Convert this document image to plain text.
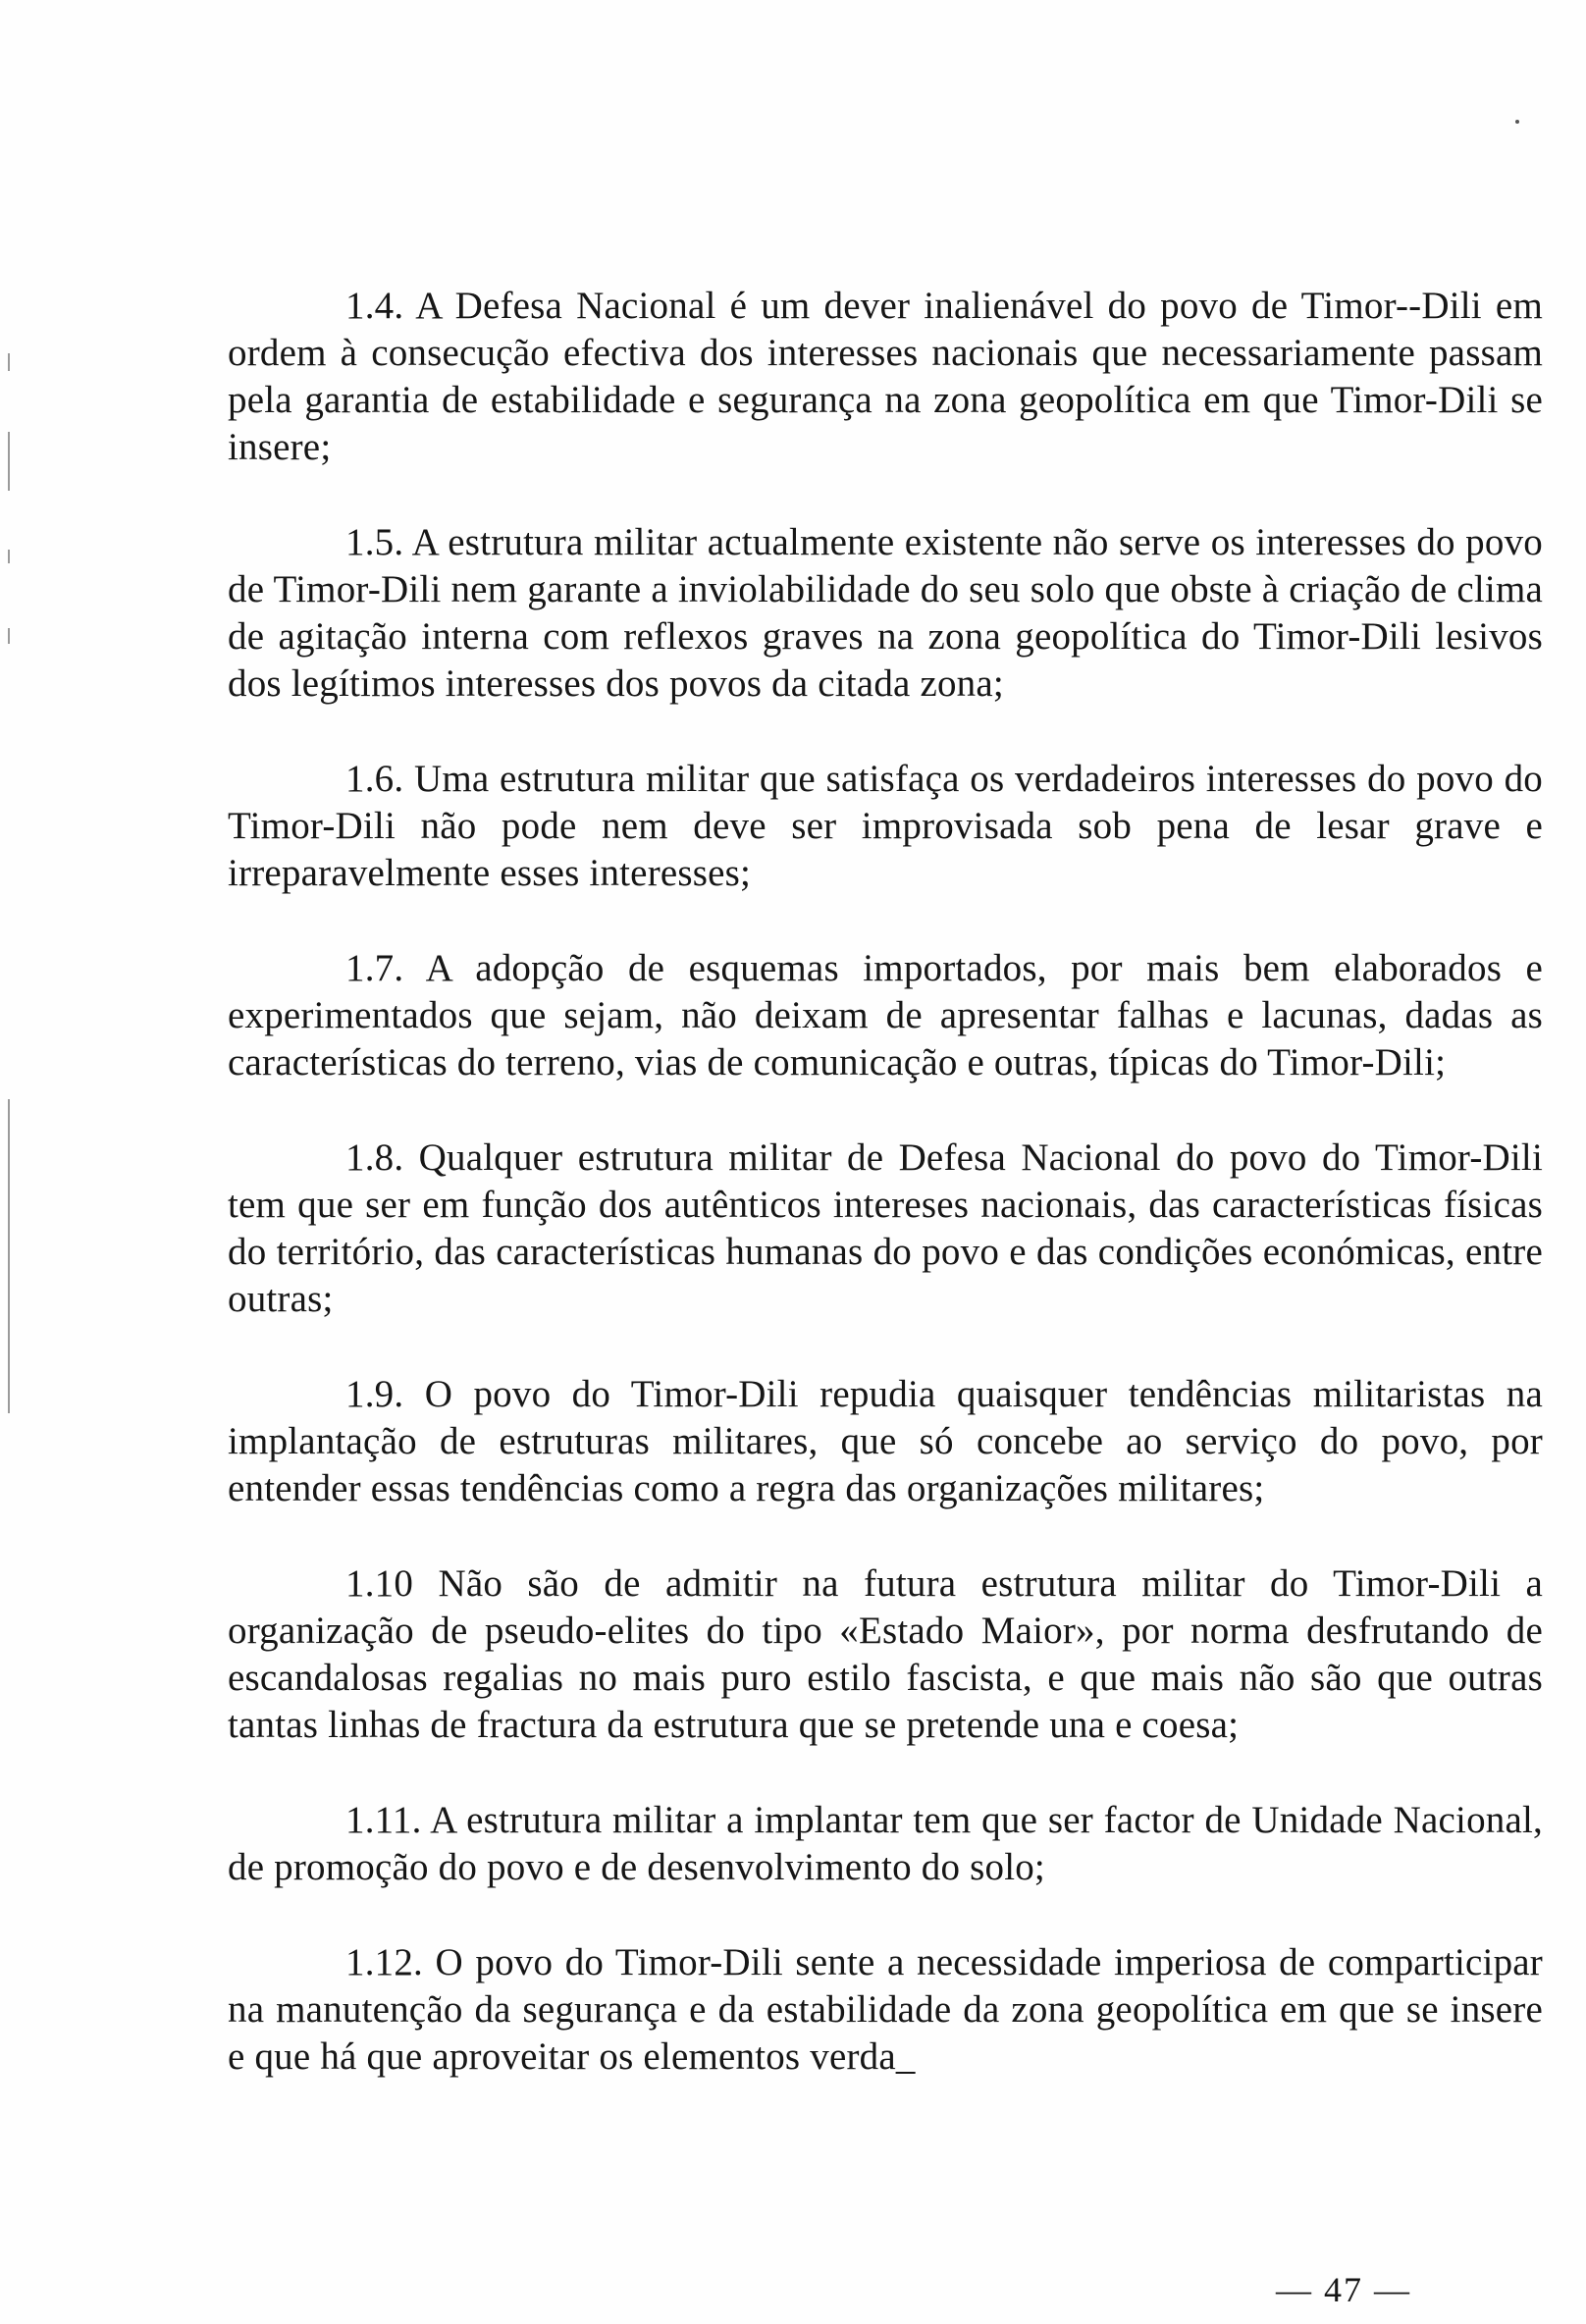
1.4. A Defesa Nacional é um dever inalienável do povo de Timor--Dili em ordem à consecução efectiva dos interesses nacionais que necessariamente passam pela garantia de estabilidade e segurança na zona geopolítica em que Timor-Dili se insere;

1.5. A estrutura militar actualmente existente não serve os interesses do povo de Timor-Dili nem garante a inviolabilidade do seu solo que obste à criação de clima de agitação interna com reflexos graves na zona geopolítica do Timor-Dili lesivos dos legítimos interesses dos povos da citada zona;

1.6. Uma estrutura militar que satisfaça os verdadeiros interesses do povo do Timor-Dili não pode nem deve ser improvisada sob pena de lesar grave e irreparavelmente esses interesses;

1.7. A adopção de esquemas importados, por mais bem elaborados e experimentados que sejam, não deixam de apresentar falhas e lacunas, dadas as características do terreno, vias de comunicação e outras, típicas do Timor-Dili;

1.8. Qualquer estrutura militar de Defesa Nacional do povo do Timor-Dili tem que ser em função dos autênticos intereses nacionais, das características físicas do território, das características humanas do povo e das condições económicas, entre outras;

1.9. O povo do Timor-Dili repudia quaisquer tendências militaristas na implantação de estruturas militares, que só concebe ao serviço do povo, por entender essas tendências como a regra das organizações militares;

1.10 Não são de admitir na futura estrutura militar do Timor-Dili a organização de pseudo-elites do tipo «Estado Maior», por norma desfrutando de escandalosas regalias no mais puro estilo fascista, e que mais não são que outras tantas linhas de fractura da estrutura que se pretende una e coesa;

1.11. A estrutura militar a implantar tem que ser factor de Unidade Nacional, de promoção do povo e de desenvolvimento do solo;

1.12. O povo do Timor-Dili sente a necessidade imperiosa de comparticipar na manutenção da segurança e da estabilidade da zona geopolítica em que se insere e que há que aproveitar os elementos verda_

— 47 —
